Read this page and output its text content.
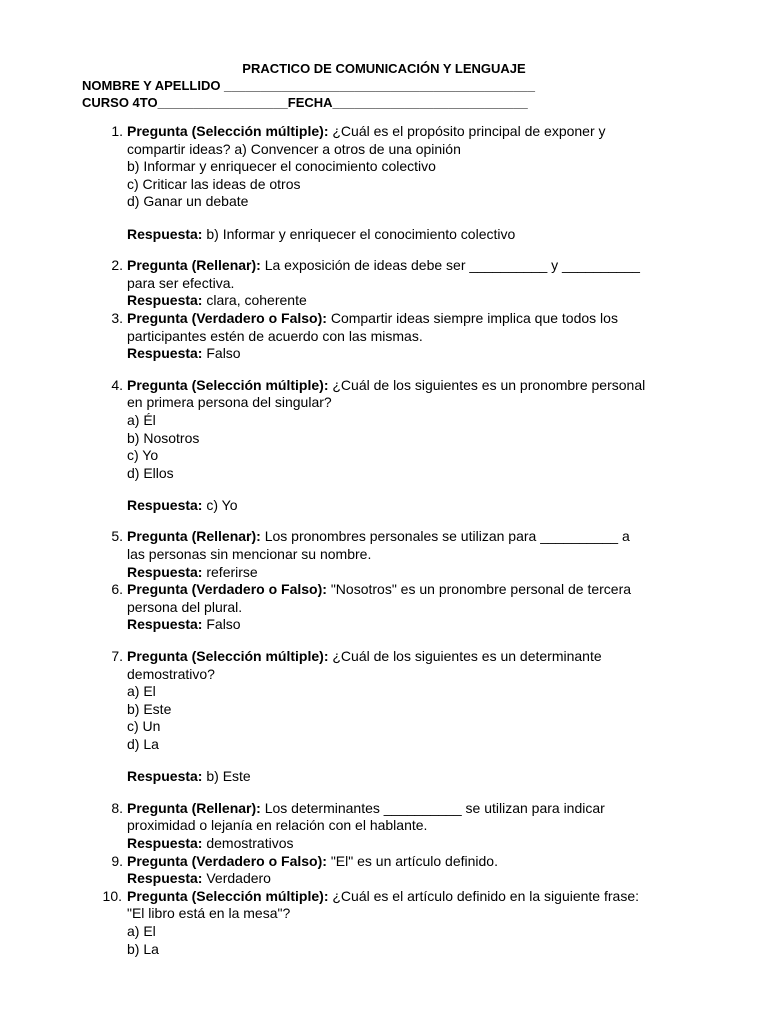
PRACTICO DE COMUNICACIÓN Y LENGUAJE
NOMBRE Y APELLIDO ___________________________________________
CURSO 4TO__________________FECHA___________________________
1. Pregunta (Selección múltiple): ¿Cuál es el propósito principal de exponer y
compartir ideas? a) Convencer a otros de una opinión
b) Informar y enriquecer el conocimiento colectivo
c) Criticar las ideas de otros
d) Ganar un debate
Respuesta: b) Informar y enriquecer el conocimiento colectivo
2. Pregunta (Rellenar): La exposición de ideas debe ser __________ y __________
para ser efectiva.
Respuesta: clara, coherente
3. Pregunta (Verdadero o Falso): Compartir ideas siempre implica que todos los
participantes estén de acuerdo con las mismas.
Respuesta: Falso
4. Pregunta (Selección múltiple): ¿Cuál de los siguientes es un pronombre personal
en primera persona del singular?
a) Él
b) Nosotros
c) Yo
d) Ellos
Respuesta: c) Yo
5. Pregunta (Rellenar): Los pronombres personales se utilizan para __________ a
las personas sin mencionar su nombre.
Respuesta: referirse
6. Pregunta (Verdadero o Falso): "Nosotros" es un pronombre personal de tercera
persona del plural.
Respuesta: Falso
7. Pregunta (Selección múltiple): ¿Cuál de los siguientes es un determinante
demostrativo?
a) El
b) Este
c) Un
d) La
Respuesta: b) Este
8. Pregunta (Rellenar): Los determinantes __________ se utilizan para indicar
proximidad o lejanía en relación con el hablante.
Respuesta: demostrativos
9. Pregunta (Verdadero o Falso): "El" es un artículo definido.
Respuesta: Verdadero
10. Pregunta (Selección múltiple): ¿Cuál es el artículo definido en la siguiente frase:
"El libro está en la mesa"?
a) El
b) La
